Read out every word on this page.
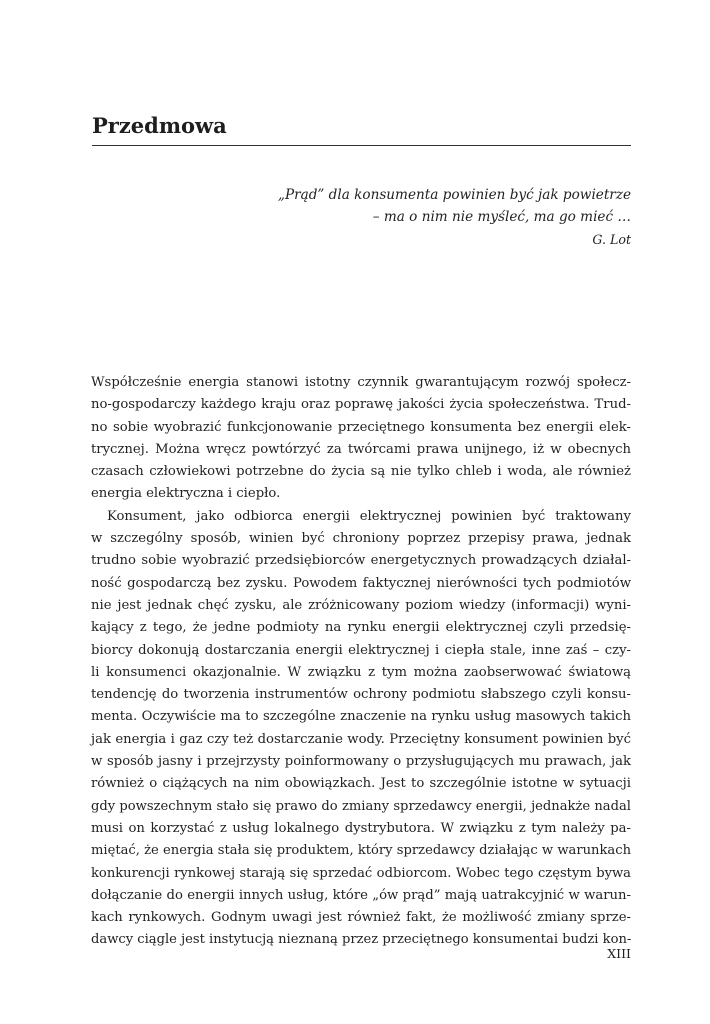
Przedmowa
„Prąd” dla konsumenta powinien być jak powietrze
– ma o nim nie myśleć, ma go mieć …
G. Lot
Współcześnie energia stanowi istotny czynnik gwarantującym rozwój społecz-
no-gospodarczy każdego kraju oraz poprawę jakości życia społeczeństwa. Trud-
no sobie wyobrazić funkcjonowanie przeciętnego konsumenta bez energii elek-
trycznej. Można wręcz powtórzyć za twórcami prawa unijnego, iż w obecnych
czasach człowiekowi potrzebne do życia są nie tylko chleb i woda, ale również
energia elektryczna i ciepło.
Konsument, jako odbiorca energii elektrycznej powinien być traktowany
w szczególny sposób, winien być chroniony poprzez przepisy prawa, jednak
trudno sobie wyobrazić przedsiębiorców energetycznych prowadzących działal-
ność gospodarczą bez zysku. Powodem faktycznej nierówności tych podmiotów
nie jest jednak chęć zysku, ale zróżnicowany poziom wiedzy (informacji) wyni-
kający z tego, że jedne podmioty na rynku energii elektrycznej czyli przedsię-
biorcy dokonują dostarczania energii elektrycznej i ciepła stale, inne zaś – czy-
li konsumenci okazjonalnie. W związku z tym można zaobserwować światową
tendencję do tworzenia instrumentów ochrony podmiotu słabszego czyli konsu-
menta. Oczywiście ma to szczególne znaczenie na rynku usług masowych takich
jak energia i gaz czy też dostarczanie wody. Przeciętny konsument powinien być
w sposób jasny i przejrzysty poinformowany o przysługujących mu prawach, jak
również o ciążących na nim obowiązkach. Jest to szczególnie istotne w sytuacji
gdy powszechnym stało się prawo do zmiany sprzedawcy energii, jednakże nadal
musi on korzystać z usług lokalnego dystrybutora. W związku z tym należy pa-
miętać, że energia stała się produktem, który sprzedawcy działając w warunkach
konkurencji rynkowej starają się sprzedać odbiorcom. Wobec tego częstym bywa
dołączanie do energii innych usług, które „ów prąd” mają uatrakcyjnić w warun-
kach rynkowych. Godnym uwagi jest również fakt, że możliwość zmiany sprze-
dawcy ciągle jest instytucją nieznaną przez przeciętnego konsumentai budzi kon-
XIII
